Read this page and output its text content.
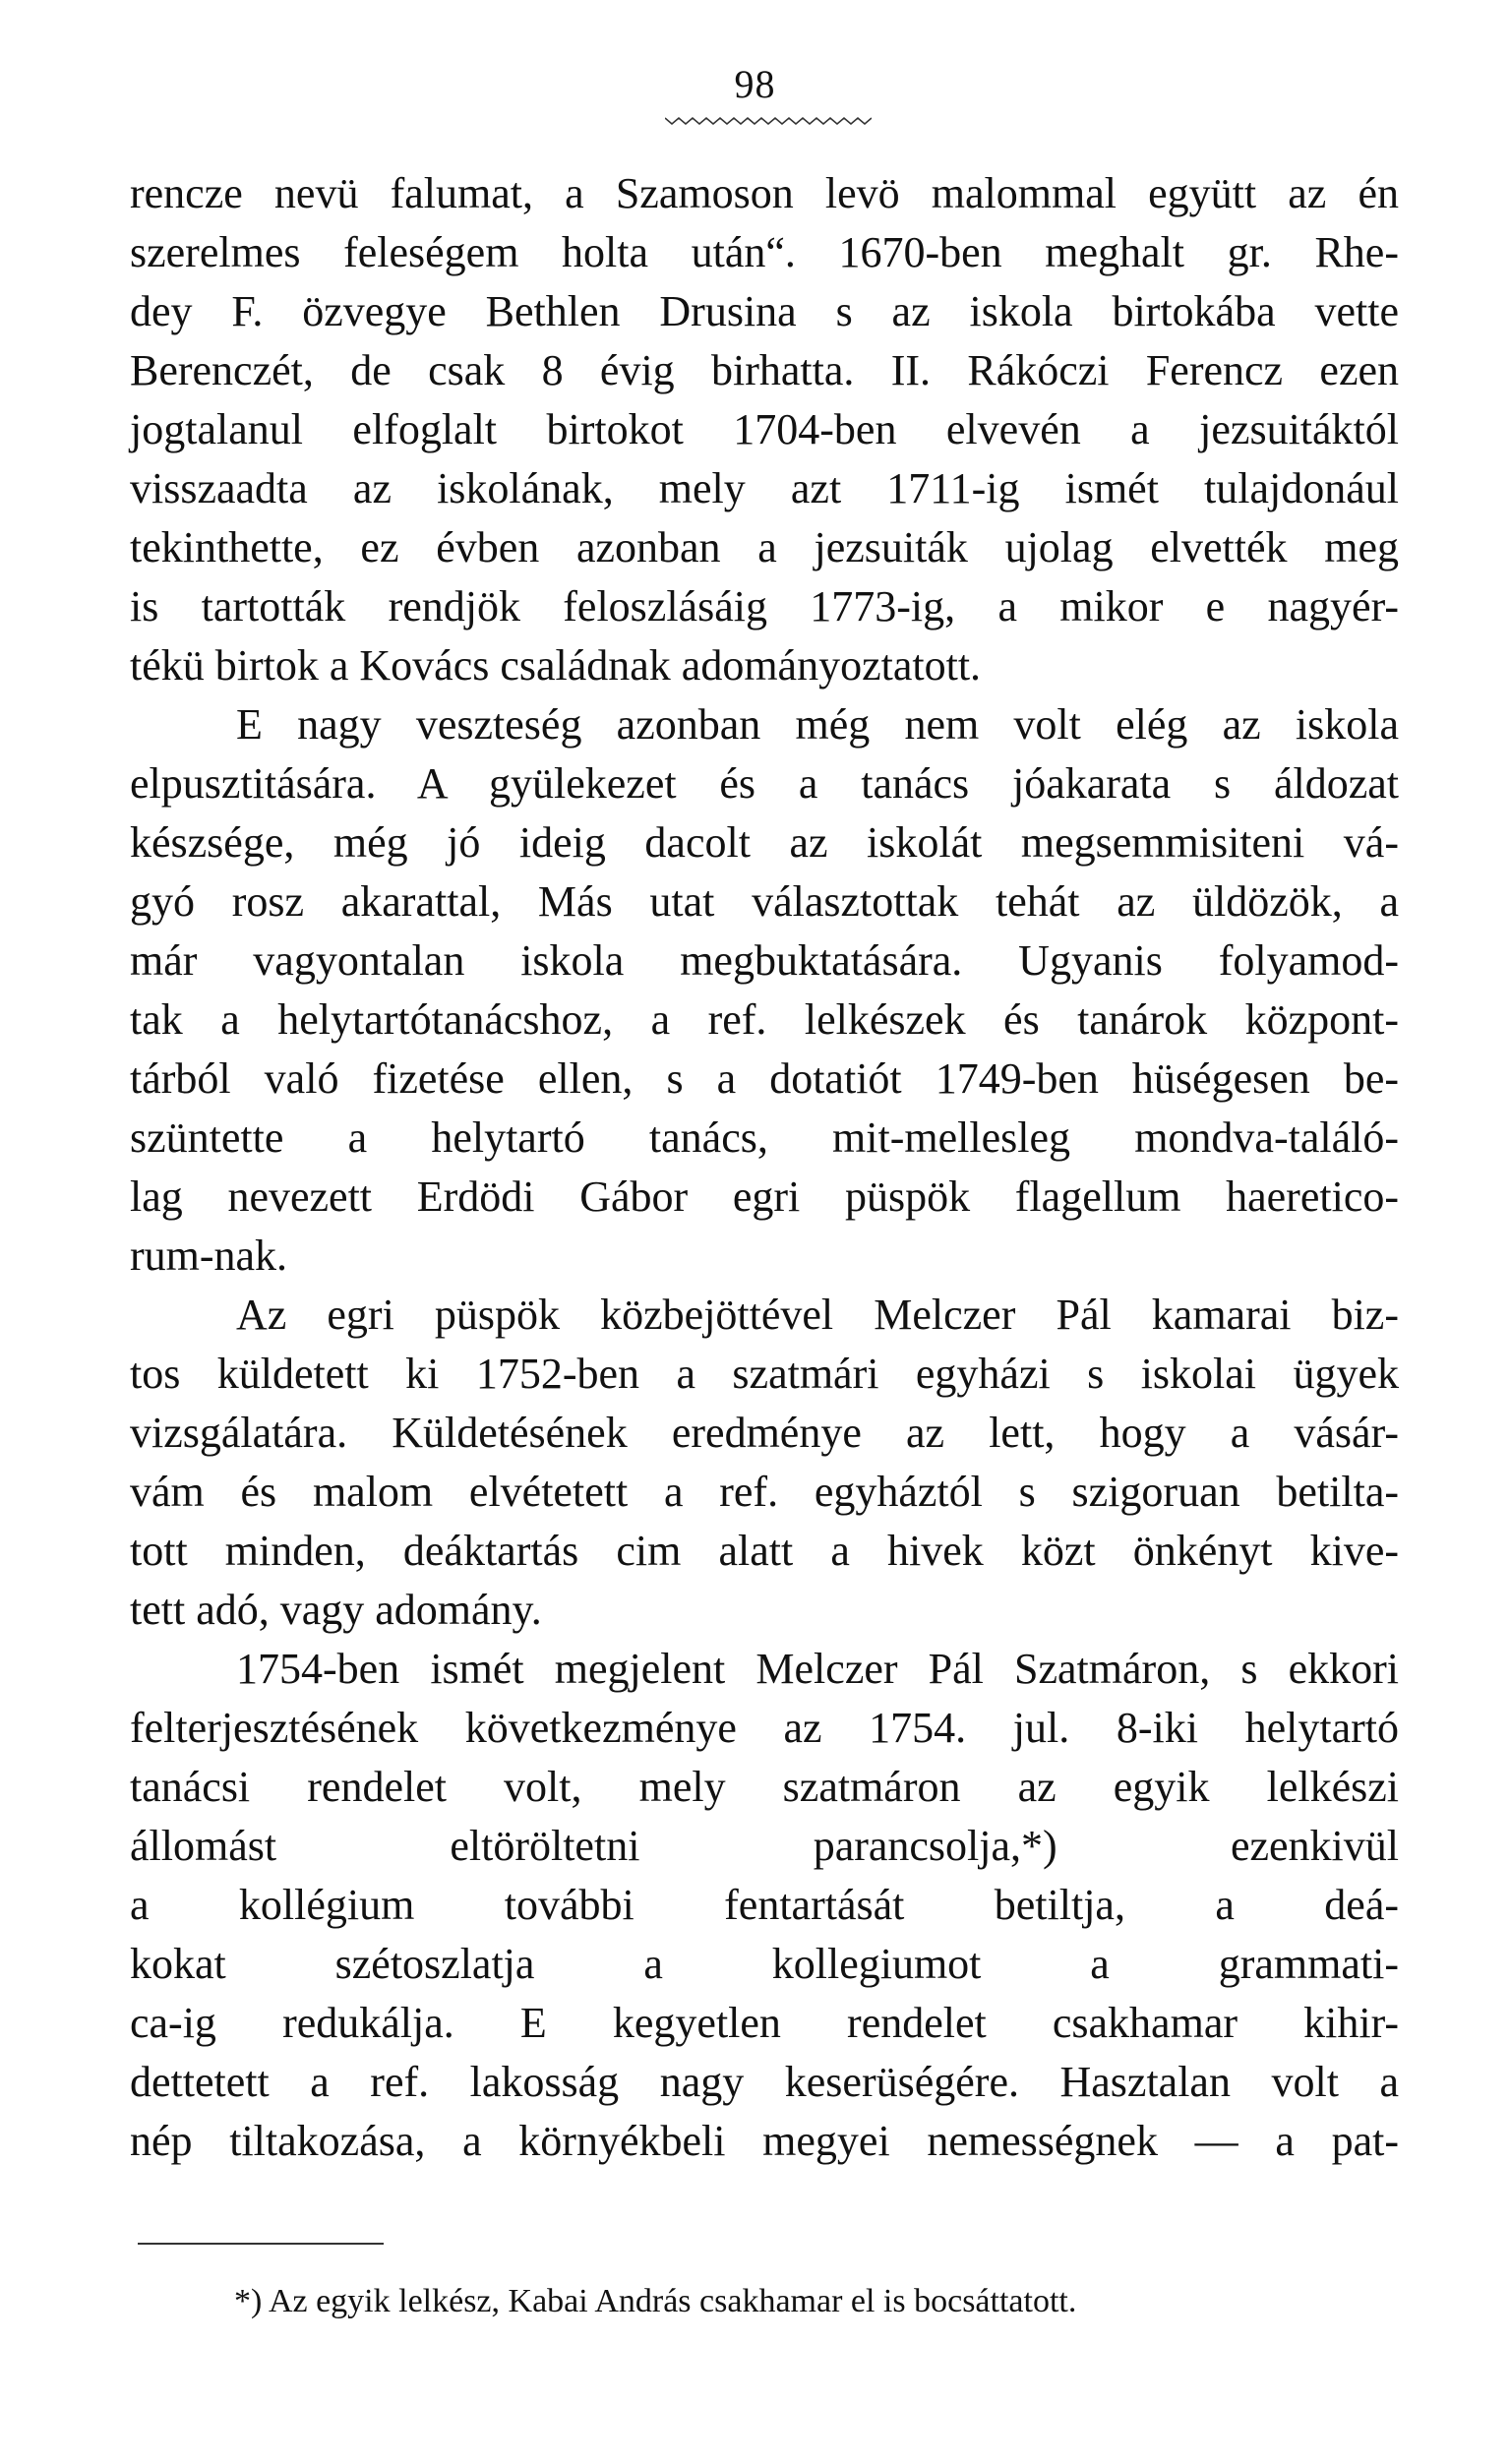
98
rencze nevü falumat, a Szamoson levö malommal együtt az én
szerelmes feleségem holta után“. 1670-ben meghalt gr. Rhe-
dey F. özvegye Bethlen Drusina s az iskola birtokába vette
Berenczét, de csak 8 évig birhatta. II. Rákóczi Ferencz ezen
jogtalanul elfoglalt birtokot 1704-ben elvevén a jezsuitáktól
visszaadta az iskolának, mely azt 1711-ig ismét tulajdonául
tekinthette, ez évben azonban a jezsuiták ujolag elvették meg
is tartották rendjök feloszlásáig 1773-ig, a mikor e nagyér-
tékü birtok a Kovács családnak adományoztatott.
E nagy veszteség azonban még nem volt elég az iskola
elpusztitására. A gyülekezet és a tanács jóakarata s áldozat
készsége, még jó ideig dacolt az iskolát megsemmisiteni vá-
gyó rosz akarattal, Más utat választottak tehát az üldözök, a
már vagyontalan iskola megbuktatására. Ugyanis folyamod-
tak a helytartótanácshoz, a ref. lelkészek és tanárok központ-
tárból való fizetése ellen, s a dotatiót 1749-ben hüségesen be-
szüntette a helytartó tanács, mit-mellesleg mondva-találó-
lag nevezett Erdödi Gábor egri püspök flagellum haeretico-
rum-nak.
Az egri püspök közbejöttével Melczer Pál kamarai biz-
tos küldetett ki 1752-ben a szatmári egyházi s iskolai ügyek
vizsgálatára. Küldetésének eredménye az lett, hogy a vásár-
vám és malom elvétetett a ref. egyháztól s szigoruan betilta-
tott minden, deáktartás cim alatt a hivek közt önkényt kive-
tett adó, vagy adomány.
1754-ben ismét megjelent Melczer Pál Szatmáron, s ekkori
felterjesztésének következménye az 1754. jul. 8-iki helytartó
tanácsi rendelet volt, mely szatmáron az egyik lelkészi
állomást eltöröltetni parancsolja,*) ezenkivül
a kollégium további fentartását betiltja, a deá-
kokat szétoszlatja a kollegiumot a grammati-
ca-ig redukálja. E kegyetlen rendelet csakhamar kihir-
dettetett a ref. lakosság nagy keserüségére. Hasztalan volt a
nép tiltakozása, a környékbeli megyei nemességnek — a pat-
*) Az egyik lelkész, Kabai András csakhamar el is bocsáttatott.
